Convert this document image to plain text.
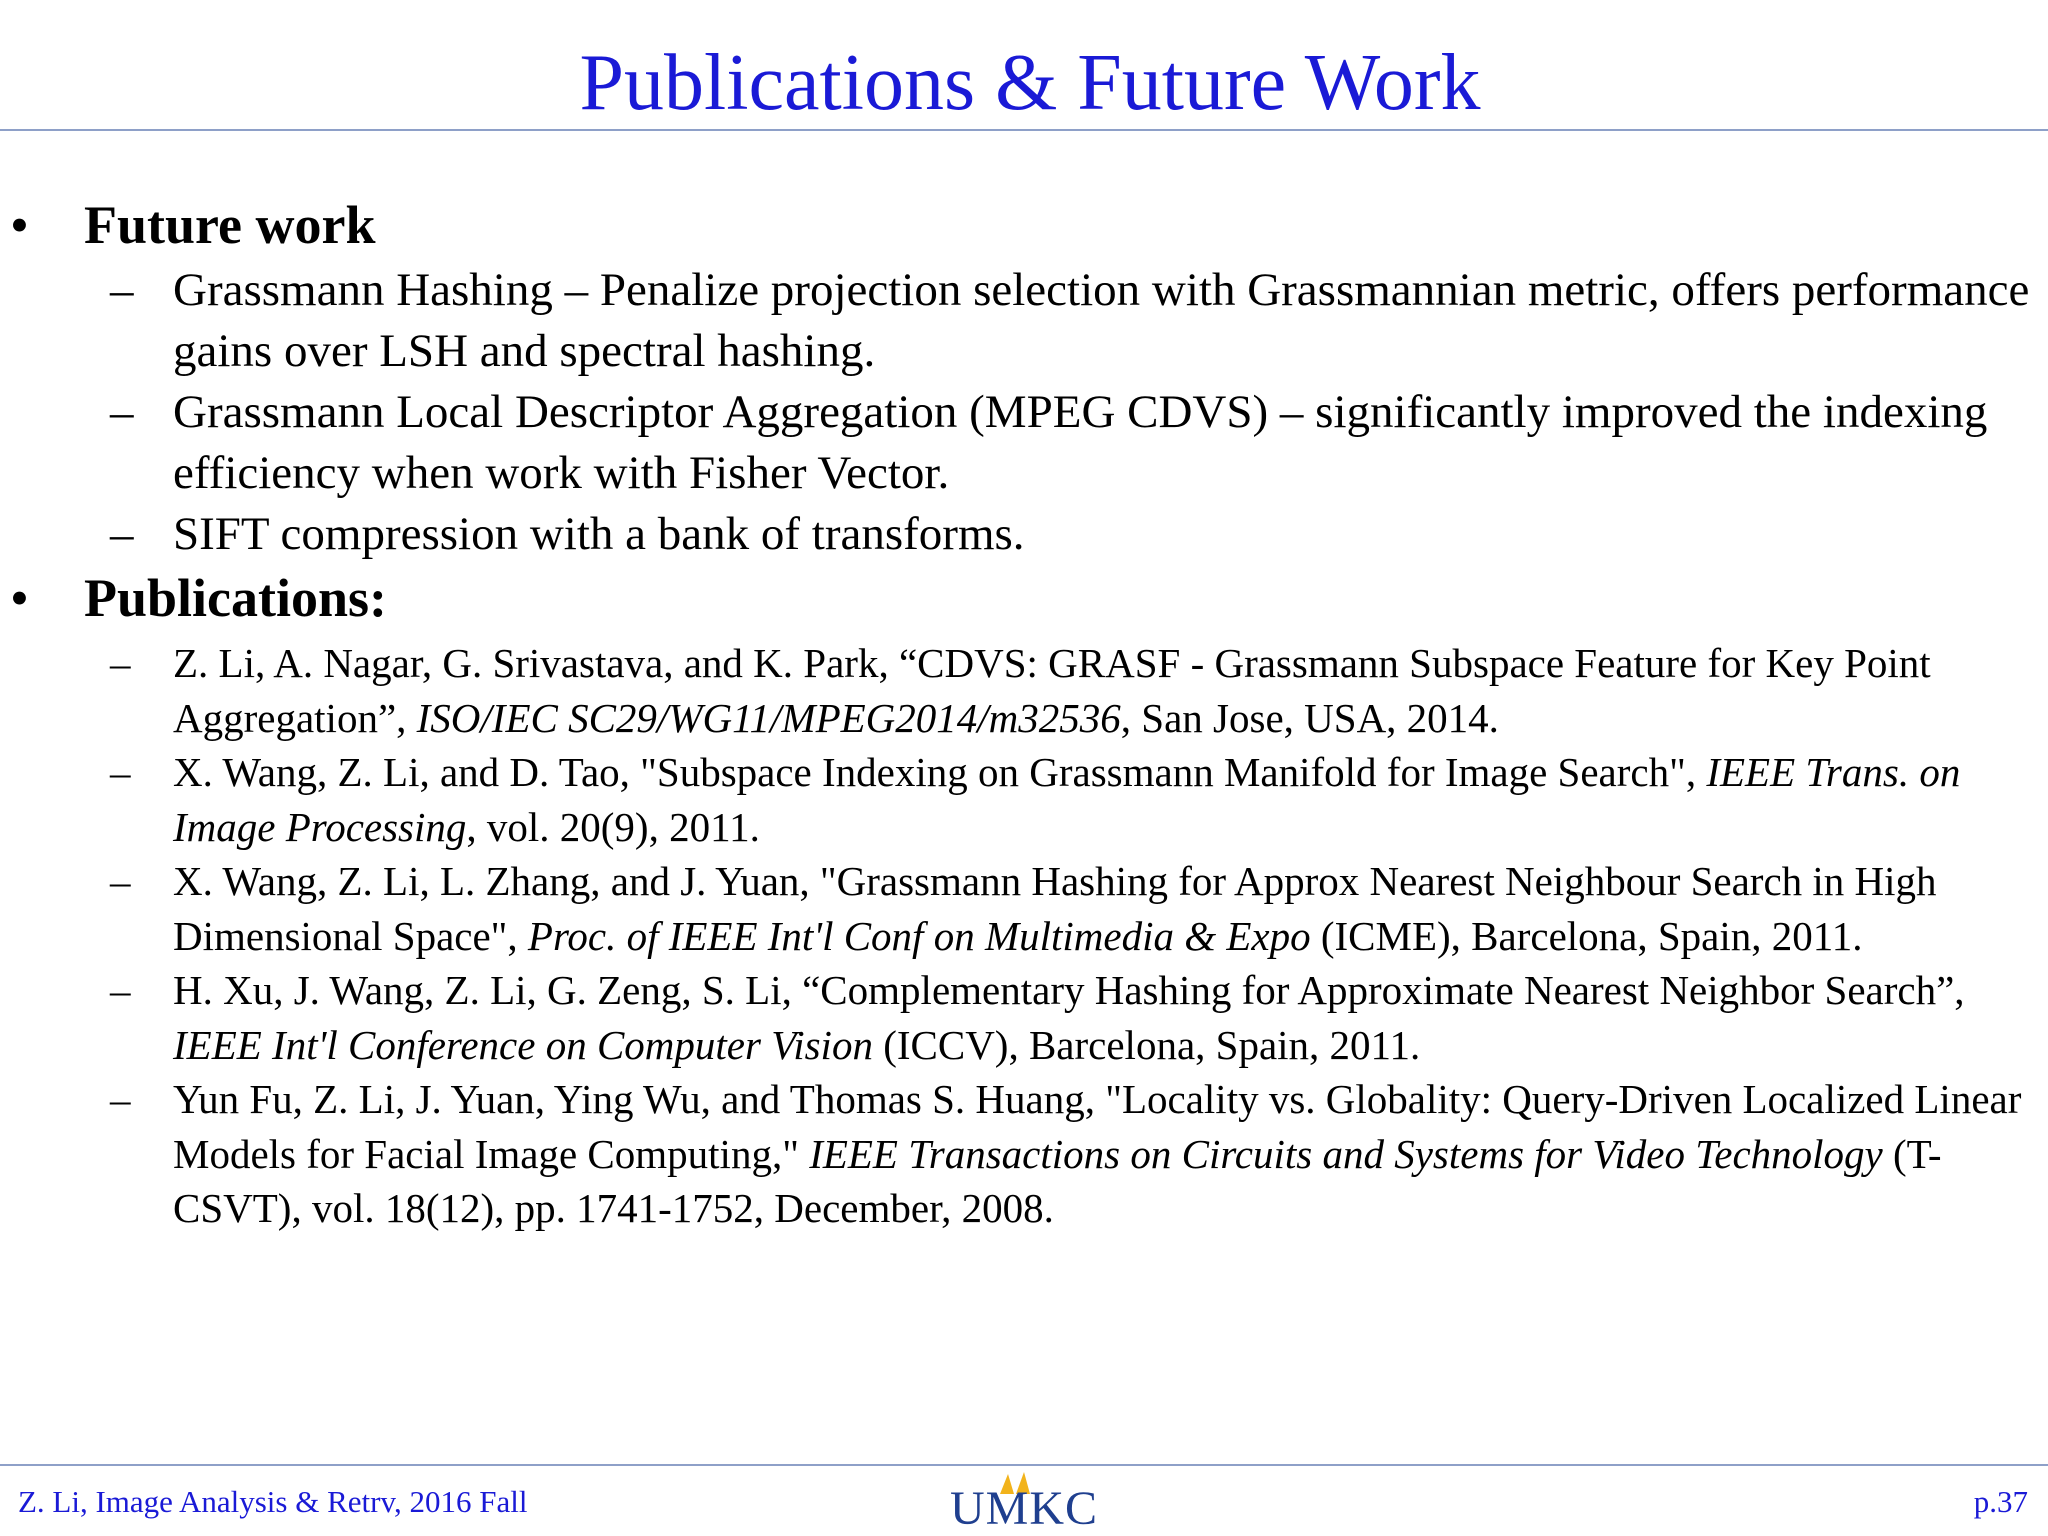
Publications & Future Work
• Future work
– Grassmann Hashing – Penalize projection selection with Grassmannian metric, offers performance gains over LSH and spectral hashing.
– Grassmann Local Descriptor Aggregation (MPEG CDVS) – significantly improved the indexing efficiency when work with Fisher Vector.
– SIFT compression with a bank of transforms.
• Publications:
– Z. Li, A. Nagar, G. Srivastava, and K. Park, “CDVS: GRASF - Grassmann Subspace Feature for Key Point Aggregation”, ISO/IEC SC29/WG11/MPEG2014/m32536, San Jose, USA, 2014.
– X. Wang, Z. Li, and D. Tao, "Subspace Indexing on Grassmann Manifold for Image Search", IEEE Trans. on Image Processing, vol. 20(9), 2011.
– X. Wang, Z. Li, L. Zhang, and J. Yuan, "Grassmann Hashing for Approx Nearest Neighbour Search in High Dimensional Space", Proc. of IEEE Int'l Conf on Multimedia & Expo (ICME), Barcelona, Spain, 2011.
– H. Xu, J. Wang, Z. Li, G. Zeng, S. Li, “Complementary Hashing for Approximate Nearest Neighbor Search”, IEEE Int'l Conference on Computer Vision (ICCV), Barcelona, Spain, 2011.
– Yun Fu, Z. Li, J. Yuan, Ying Wu, and Thomas S. Huang, "Locality vs. Globality: Query-Driven Localized Linear Models for Facial Image Computing," IEEE Transactions on Circuits and Systems for Video Technology (T-CSVT), vol. 18(12), pp. 1741-1752, December, 2008.
Z. Li, Image Analysis & Retrv, 2016 Fall	UMKC	p.37
